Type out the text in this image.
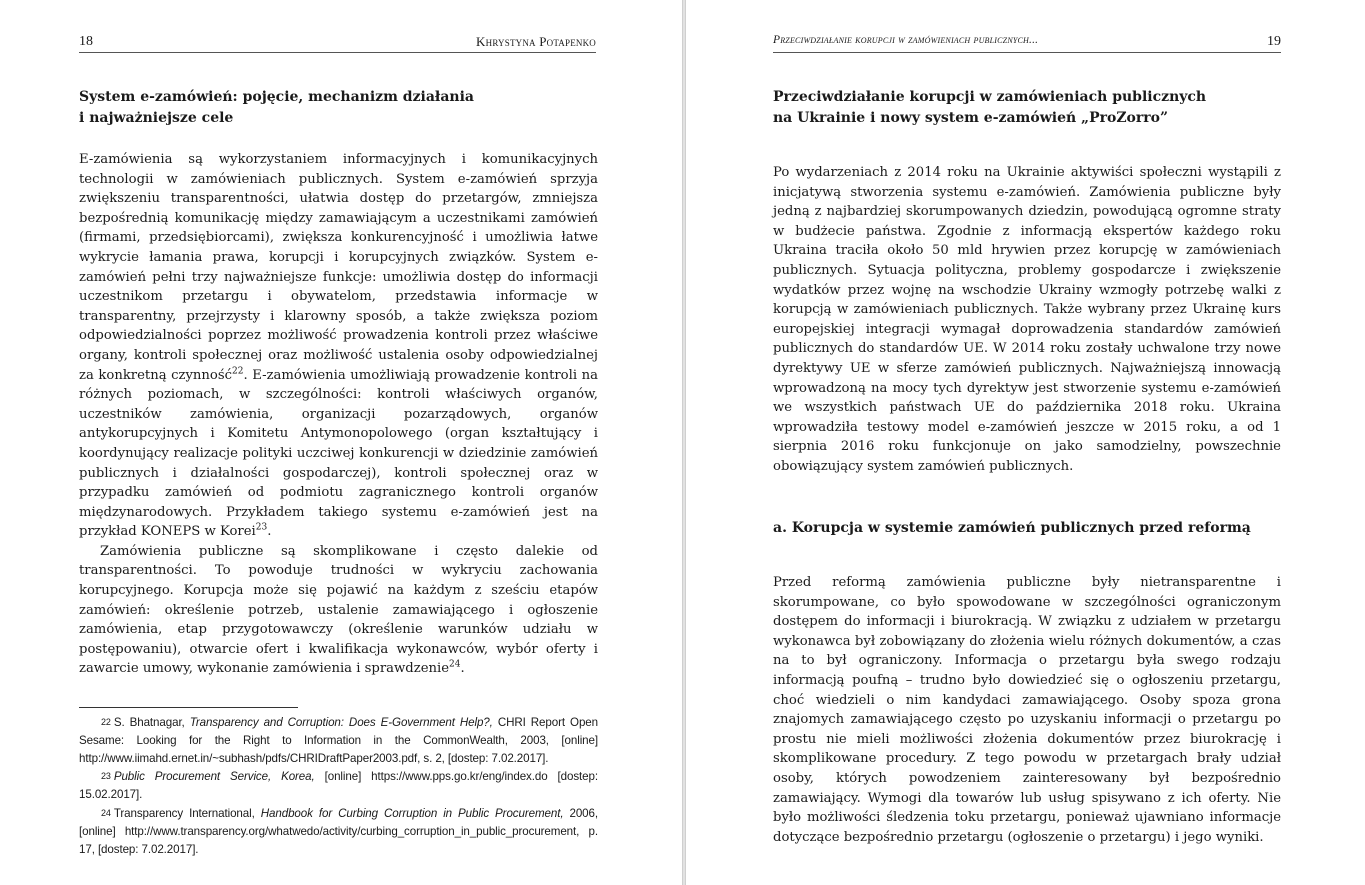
18	Khrystyna Potapenko
System e-zamówień: pojęcie, mechanizm działania
i najważniejsze cele

E-zamówienia są wykorzystaniem informacyjnych i komunikacyjnych technologii w zamówieniach publicznych. System e-zamówień sprzyja zwiększeniu transparentności, ułatwia dostęp do przetargów, zmniejsza bezpośrednią komunikację między zamawiającym a uczestnikami zamówień (firmami, przedsiębiorcami), zwiększa konkurencyjność i umożliwia łatwe wykrycie łamania prawa, korupcji i korupcyjnych związków. System e-zamówień pełni trzy najważniejsze funkcje: umożliwia dostęp do informacji uczestnikom przetargu i obywatelom, przedstawia informacje w transparentny, przejrzysty i klarowny sposób, a także zwiększa poziom odpowiedzialności poprzez możliwość prowadzenia kontroli przez właściwe organy, kontroli społecznej oraz możliwość ustalenia osoby odpowiedzialnej za konkretną czynność$^{22}$. E-zamówienia umożliwiają prowadzenie kontroli na różnych poziomach, w szczególności: kontroli właściwych organów, uczestników zamówienia, organizacji pozarządowych, organów antykorupcyjnych i Komitetu Antymonopolowego (organ kształtujący i koordynujący realizacje polityki uczciwej konkurencji w dziedzinie zamówień publicznych i działalności gospodarczej), kontroli społecznej oraz w przypadku zamówień od podmiotu zagranicznego kontroli organów międzynarodowych. Przykładem takiego systemu e-zamówień jest na przykład KONEPS w Korei$^{23}$.

Zamówienia publiczne są skomplikowane i często dalekie od transparentności. To powoduje trudności w wykryciu zachowania korupcyjnego. Korupcja może się pojawić na każdym z sześciu etapów zamówień: określenie potrzeb, ustalenie zamawiającego i ogłoszenie zamówienia, etap przygotowawczy (określenie warunków udziału w postępowaniu), otwarcie ofert i kwalifikacja wykonawców, wybór oferty i zawarcie umowy, wykonanie zamówienia i sprawdzenie$^{24}$.

22 S. Bhatnagar, Transparency and Corruption: Does E-Government Help?, CHRI Report Open Sesame: Looking for the Right to Information in the CommonWealth, 2003, [online] http://www.iimahd.ernet.in/~subhash/pdfs/CHRIDraftPaper2003.pdf, s. 2, [dostep: 7.02.2017].

23 Public Procurement Service, Korea, [online] https://www.pps.go.kr/eng/index.do [dostep: 15.02.2017].

24 Transparency International, Handbook for Curbing Corruption in Public Procurement, 2006, [online] http://www.transparency.org/whatwedo/activity/curbing_corruption_in_public_procurement, p. 17, [dostep: 7.02.2017].

Przeciwdziałanie korupcji w zamówieniach publicznych...	19
Przeciwdziałanie korupcji w zamówieniach publicznych
na Ukrainie i nowy system e-zamówień „ProZorro”

Po wydarzeniach z 2014 roku na Ukrainie aktywiści społeczni wystąpili z inicjatywą stworzenia systemu e-zamówień. Zamówienia publiczne były jedną z najbardziej skorumpowanych dziedzin, powodującą ogromne straty w budżecie państwa. Zgodnie z informacją ekspertów każdego roku Ukraina traciła około 50 mld hrywien przez korupcję w zamówieniach publicznych. Sytuacja polityczna, problemy gospodarcze i zwiększenie wydatków przez wojnę na wschodzie Ukrainy wzmogły potrzebę walki z korupcją w zamówieniach publicznych. Także wybrany przez Ukrainę kurs europejskiej integracji wymagał doprowadzenia standardów zamówień publicznych do standardów UE. W 2014 roku zostały uchwalone trzy nowe dyrektywy UE w sferze zamówień publicznych. Najważniejszą innowacją wprowadzoną na mocy tych dyrektyw jest stworzenie systemu e-zamówień we wszystkich państwach UE do października 2018 roku. Ukraina wprowadziła testowy model e-zamówień jeszcze w 2015 roku, a od 1 sierpnia 2016 roku funkcjonuje on jako samodzielny, powszechnie obowiązujący system zamówień publicznych.

a. Korupcja w systemie zamówień publicznych przed reformą

Przed reformą zamówienia publiczne były nietransparentne i skorumpowane, co było spowodowane w szczególności ograniczonym dostępem do informacji i biurokracją. W związku z udziałem w przetargu wykonawca był zobowiązany do złożenia wielu różnych dokumentów, a czas na to był ograniczony. Informacja o przetargu była swego rodzaju informacją poufną – trudno było dowiedzieć się o ogłoszeniu przetargu, choć wiedzieli o nim kandydaci zamawiającego. Osoby spoza grona znajomych zamawiającego często po uzyskaniu informacji o przetargu po prostu nie mieli możliwości złożenia dokumentów przez biurokrację i skomplikowane procedury. Z tego powodu w przetargach brały udział osoby, których powodzeniem zainteresowany był bezpośrednio zamawiający. Wymogi dla towarów lub usług spisywano z ich oferty. Nie było możliwości śledzenia toku przetargu, ponieważ ujawniano informacje dotyczące bezpośrednio przetargu (ogłoszenie o przetargu) i jego wyniki.
